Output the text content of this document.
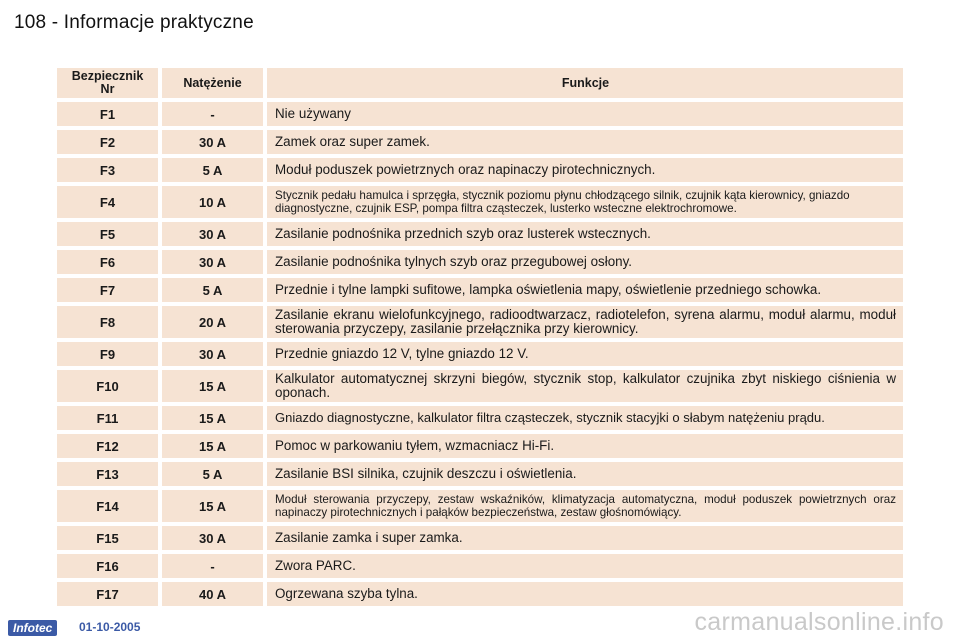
108 - Informacje praktyczne
Bezpiecznik
Nr	Natężenie	Funkcje
F1	-	Nie używany
F2	30 A	Zamek oraz super zamek.
F3	5 A	Moduł poduszek powietrznych oraz napinaczy pirotechnicznych.
F4	10 A	Stycznik pedału hamulca i sprzęgła, stycznik poziomu płynu chłodzącego silnik, czujnik kąta kierownicy, gniazdo diagnostyczne, czujnik ESP, pompa filtra cząsteczek, lusterko wsteczne elektrochromowe.
F5	30 A	Zasilanie podnośnika przednich szyb oraz lusterek wstecznych.
F6	30 A	Zasilanie podnośnika tylnych szyb oraz przegubowej osłony.
F7	5 A	Przednie i tylne lampki sufitowe, lampka oświetlenia mapy, oświetlenie przedniego schowka.
F8	20 A	Zasilanie ekranu wielofunkcyjnego, radioodtwarzacz, radiotelefon, syrena alarmu, moduł alarmu, moduł sterowania przyczepy, zasilanie przełącznika przy kierownicy.
F9	30 A	Przednie gniazdo 12 V, tylne gniazdo 12 V.
F10	15 A	Kalkulator automatycznej skrzyni biegów, stycznik stop, kalkulator czujnika zbyt niskiego ciśnienia w oponach.
F11	15 A	Gniazdo diagnostyczne, kalkulator filtra cząsteczek, stycznik stacyjki o słabym natężeniu prądu.
F12	15 A	Pomoc w parkowaniu tyłem, wzmacniacz Hi-Fi.
F13	5 A	Zasilanie BSI silnika, czujnik deszczu i oświetlenia.
F14	15 A	Moduł sterowania przyczepy, zestaw wskaźników, klimatyzacja automatyczna, moduł poduszek powietrznych oraz napinaczy pirotechnicznych i pałąków bezpieczeństwa, zestaw głośnomówiący.
F15	30 A	Zasilanie zamka i super zamka.
F16	-	Zwora PARC.
F17	40 A	Ogrzewana szyba tylna.
Infotec	01-10-2005	carmanualsonline.info
